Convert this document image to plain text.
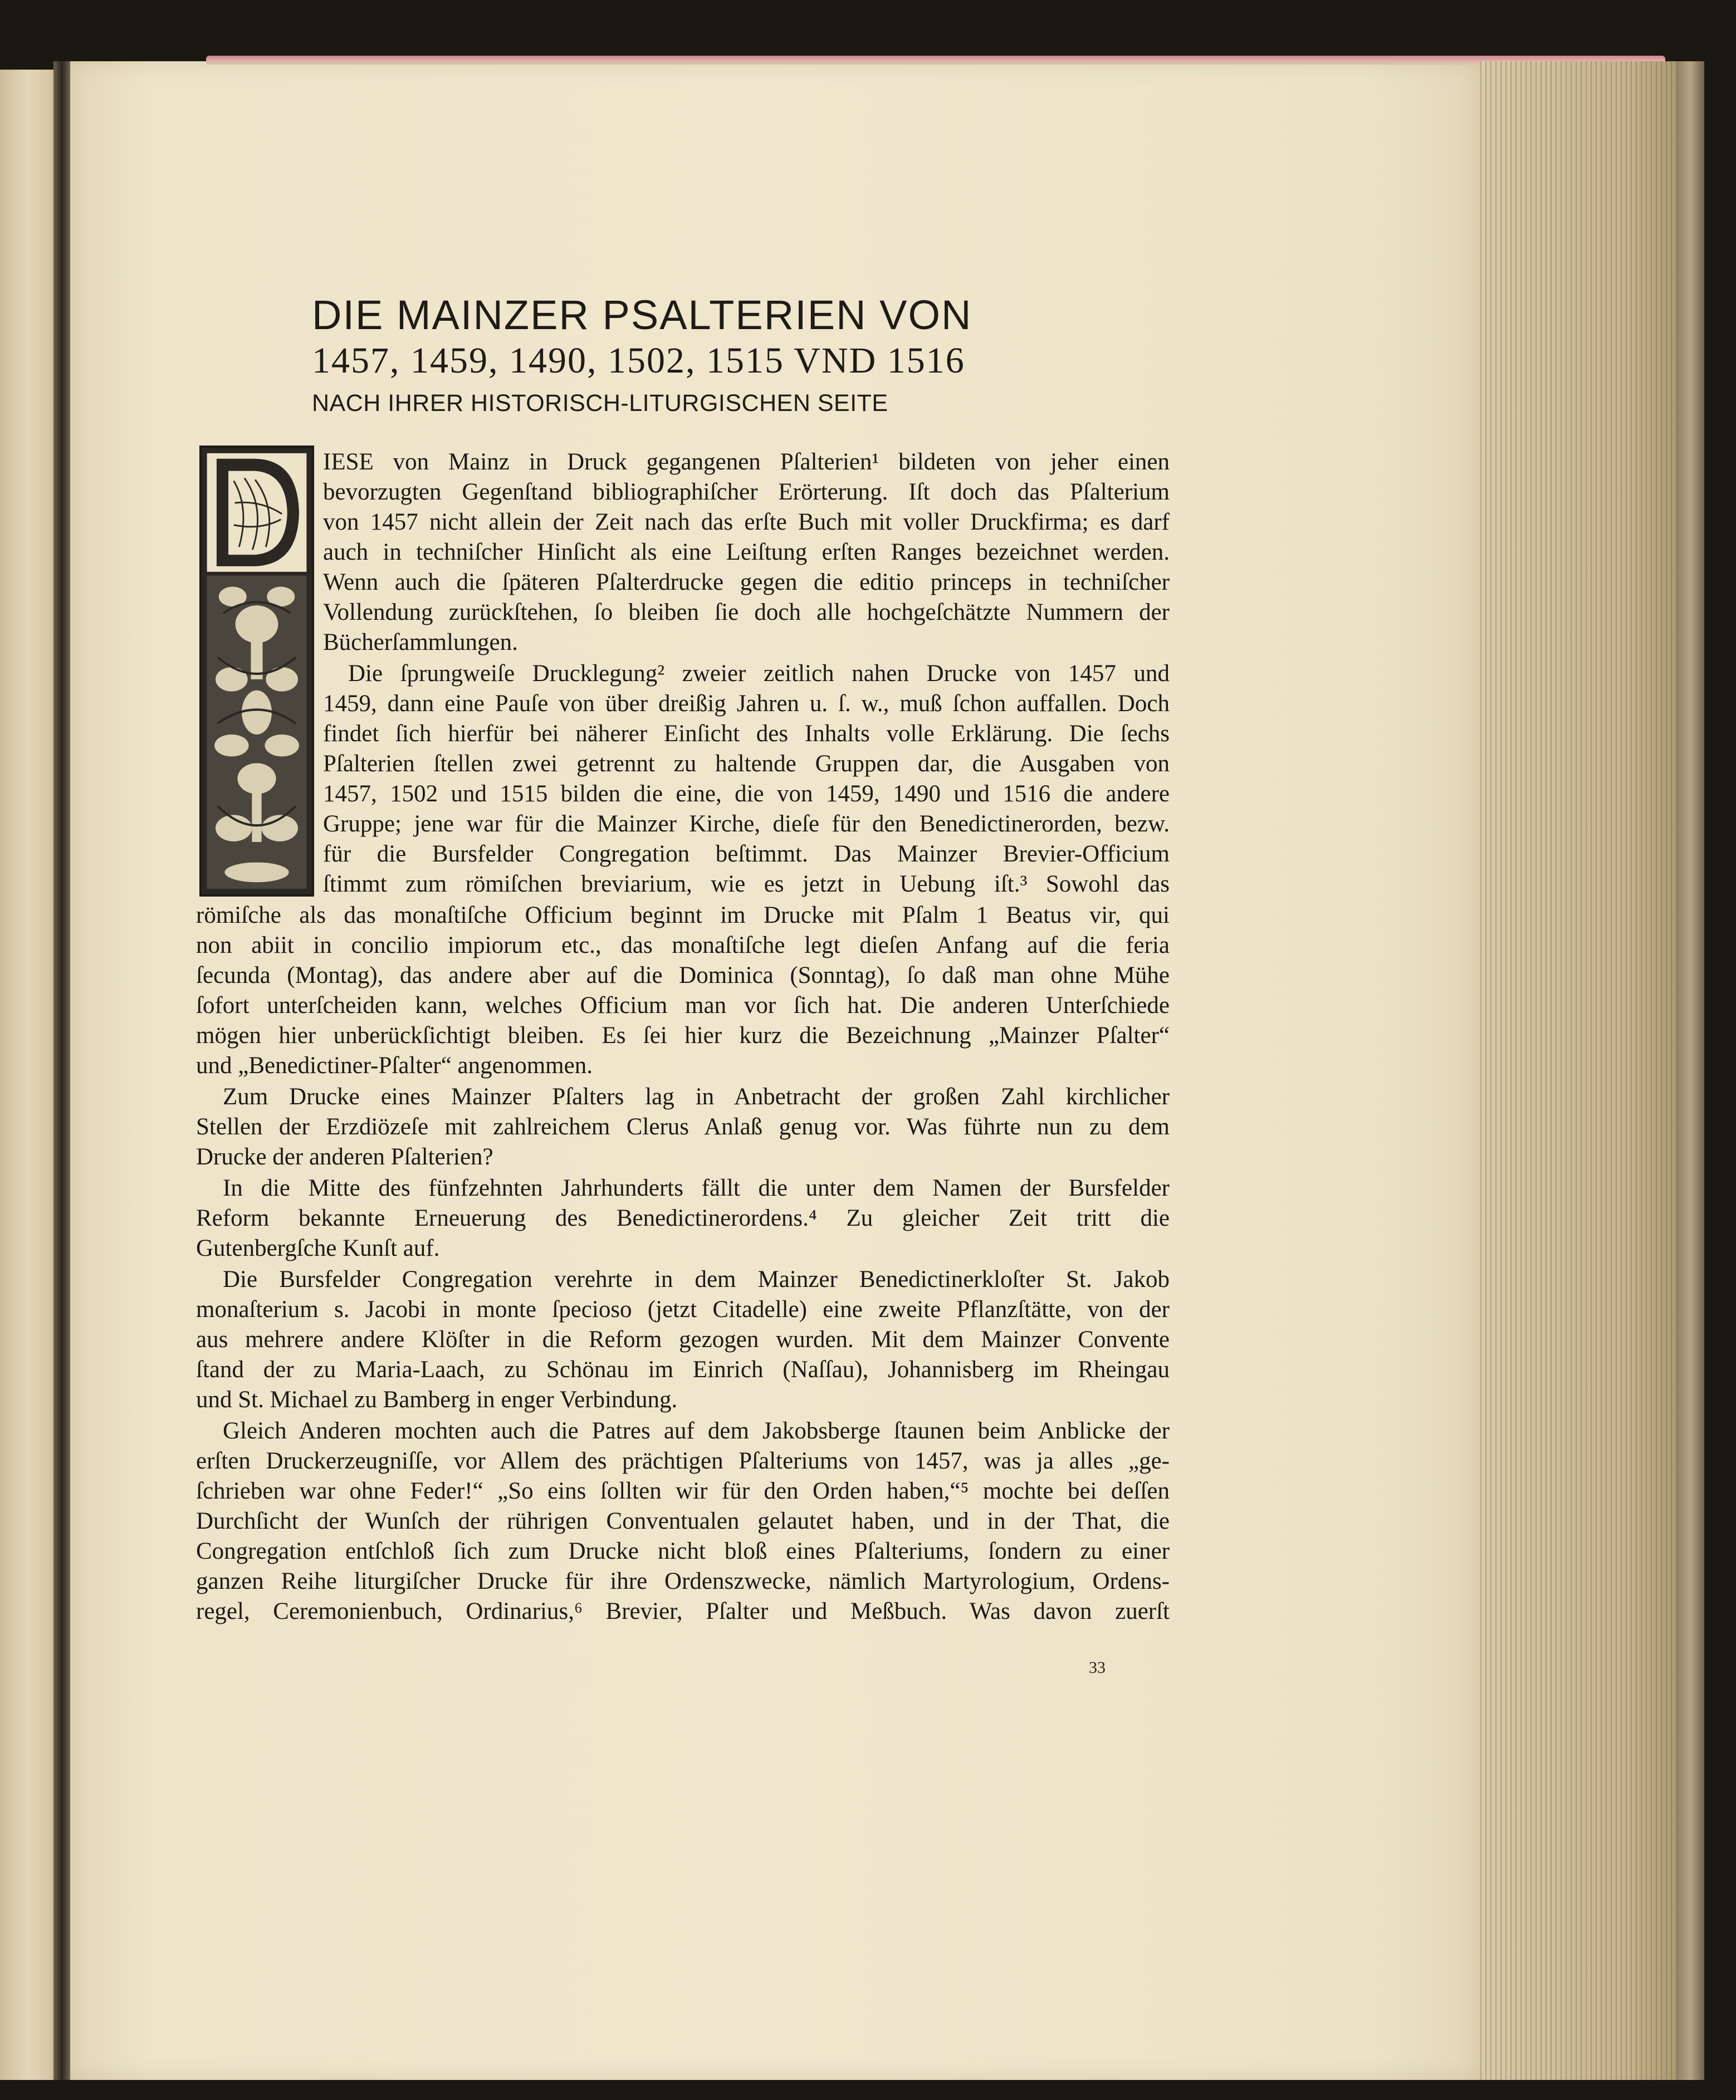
DIE MAINZER PSALTERIEN VON
1457, 1459, 1490, 1502, 1515 VND 1516
NACH IHRER HISTORISCH-LITURGISCHEN SEITE
IESE von Mainz in Druck gegangenen Pſalterien¹ bildeten von jeher einen
bevorzugten Gegenſtand bibliographiſcher Erörterung. Iſt doch das Pſalterium
von 1457 nicht allein der Zeit nach das erſte Buch mit voller Druckfirma; es darf
auch in techniſcher Hinſicht als eine Leiſtung erſten Ranges bezeichnet werden.
Wenn auch die ſpäteren Pſalterdrucke gegen die editio princeps in techniſcher
Vollendung zurückſtehen, ſo bleiben ſie doch alle hochgeſchätzte Nummern der
Bücherſammlungen.
Die ſprungweiſe Drucklegung² zweier zeitlich nahen Drucke von 1457 und
1459, dann eine Pauſe von über dreißig Jahren u. ſ. w., muß ſchon auffallen. Doch
findet ſich hierfür bei näherer Einſicht des Inhalts volle Erklärung. Die ſechs
Pſalterien ſtellen zwei getrennt zu haltende Gruppen dar, die Ausgaben von
1457, 1502 und 1515 bilden die eine, die von 1459, 1490 und 1516 die andere
Gruppe; jene war für die Mainzer Kirche, dieſe für den Benedictinerorden, bezw.
für die Bursfelder Congregation beſtimmt. Das Mainzer Brevier-Officium
ſtimmt zum römiſchen breviarium, wie es jetzt in Uebung iſt.³ Sowohl das
römiſche als das monaſtiſche Officium beginnt im Drucke mit Pſalm 1 Beatus vir, qui
non abiit in concilio impiorum etc., das monaſtiſche legt dieſen Anfang auf die feria
ſecunda (Montag), das andere aber auf die Dominica (Sonntag), ſo daß man ohne Mühe
ſofort unterſcheiden kann, welches Officium man vor ſich hat. Die anderen Unterſchiede
mögen hier unberückſichtigt bleiben. Es ſei hier kurz die Bezeichnung „Mainzer Pſalter“
und „Benedictiner-Pſalter“ angenommen.
Zum Drucke eines Mainzer Pſalters lag in Anbetracht der großen Zahl kirchlicher
Stellen der Erzdiözeſe mit zahlreichem Clerus Anlaß genug vor. Was führte nun zu dem
Drucke der anderen Pſalterien?
In die Mitte des fünfzehnten Jahrhunderts fällt die unter dem Namen der Bursfelder
Reform bekannte Erneuerung des Benedictinerordens.⁴ Zu gleicher Zeit tritt die
Gutenbergſche Kunſt auf.
Die Bursfelder Congregation verehrte in dem Mainzer Benedictinerkloſter St. Jakob
monaſterium s. Jacobi in monte ſpecioso (jetzt Citadelle) eine zweite Pflanzſtätte, von der
aus mehrere andere Klöſter in die Reform gezogen wurden. Mit dem Mainzer Convente
ſtand der zu Maria-Laach, zu Schönau im Einrich (Naſſau), Johannisberg im Rheingau
und St. Michael zu Bamberg in enger Verbindung.
Gleich Anderen mochten auch die Patres auf dem Jakobsberge ſtaunen beim Anblicke der
erſten Druckerzeugniſſe, vor Allem des prächtigen Pſalteriums von 1457, was ja alles „ge-
ſchrieben war ohne Feder!“ „So eins ſollten wir für den Orden haben,“⁵ mochte bei deſſen
Durchſicht der Wunſch der rührigen Conventualen gelautet haben, und in der That, die
Congregation entſchloß ſich zum Drucke nicht bloß eines Pſalteriums, ſondern zu einer
ganzen Reihe liturgiſcher Drucke für ihre Ordenszwecke, nämlich Martyrologium, Ordens-
regel, Ceremonienbuch, Ordinarius,⁶ Brevier, Pſalter und Meßbuch. Was davon zuerſt
33
